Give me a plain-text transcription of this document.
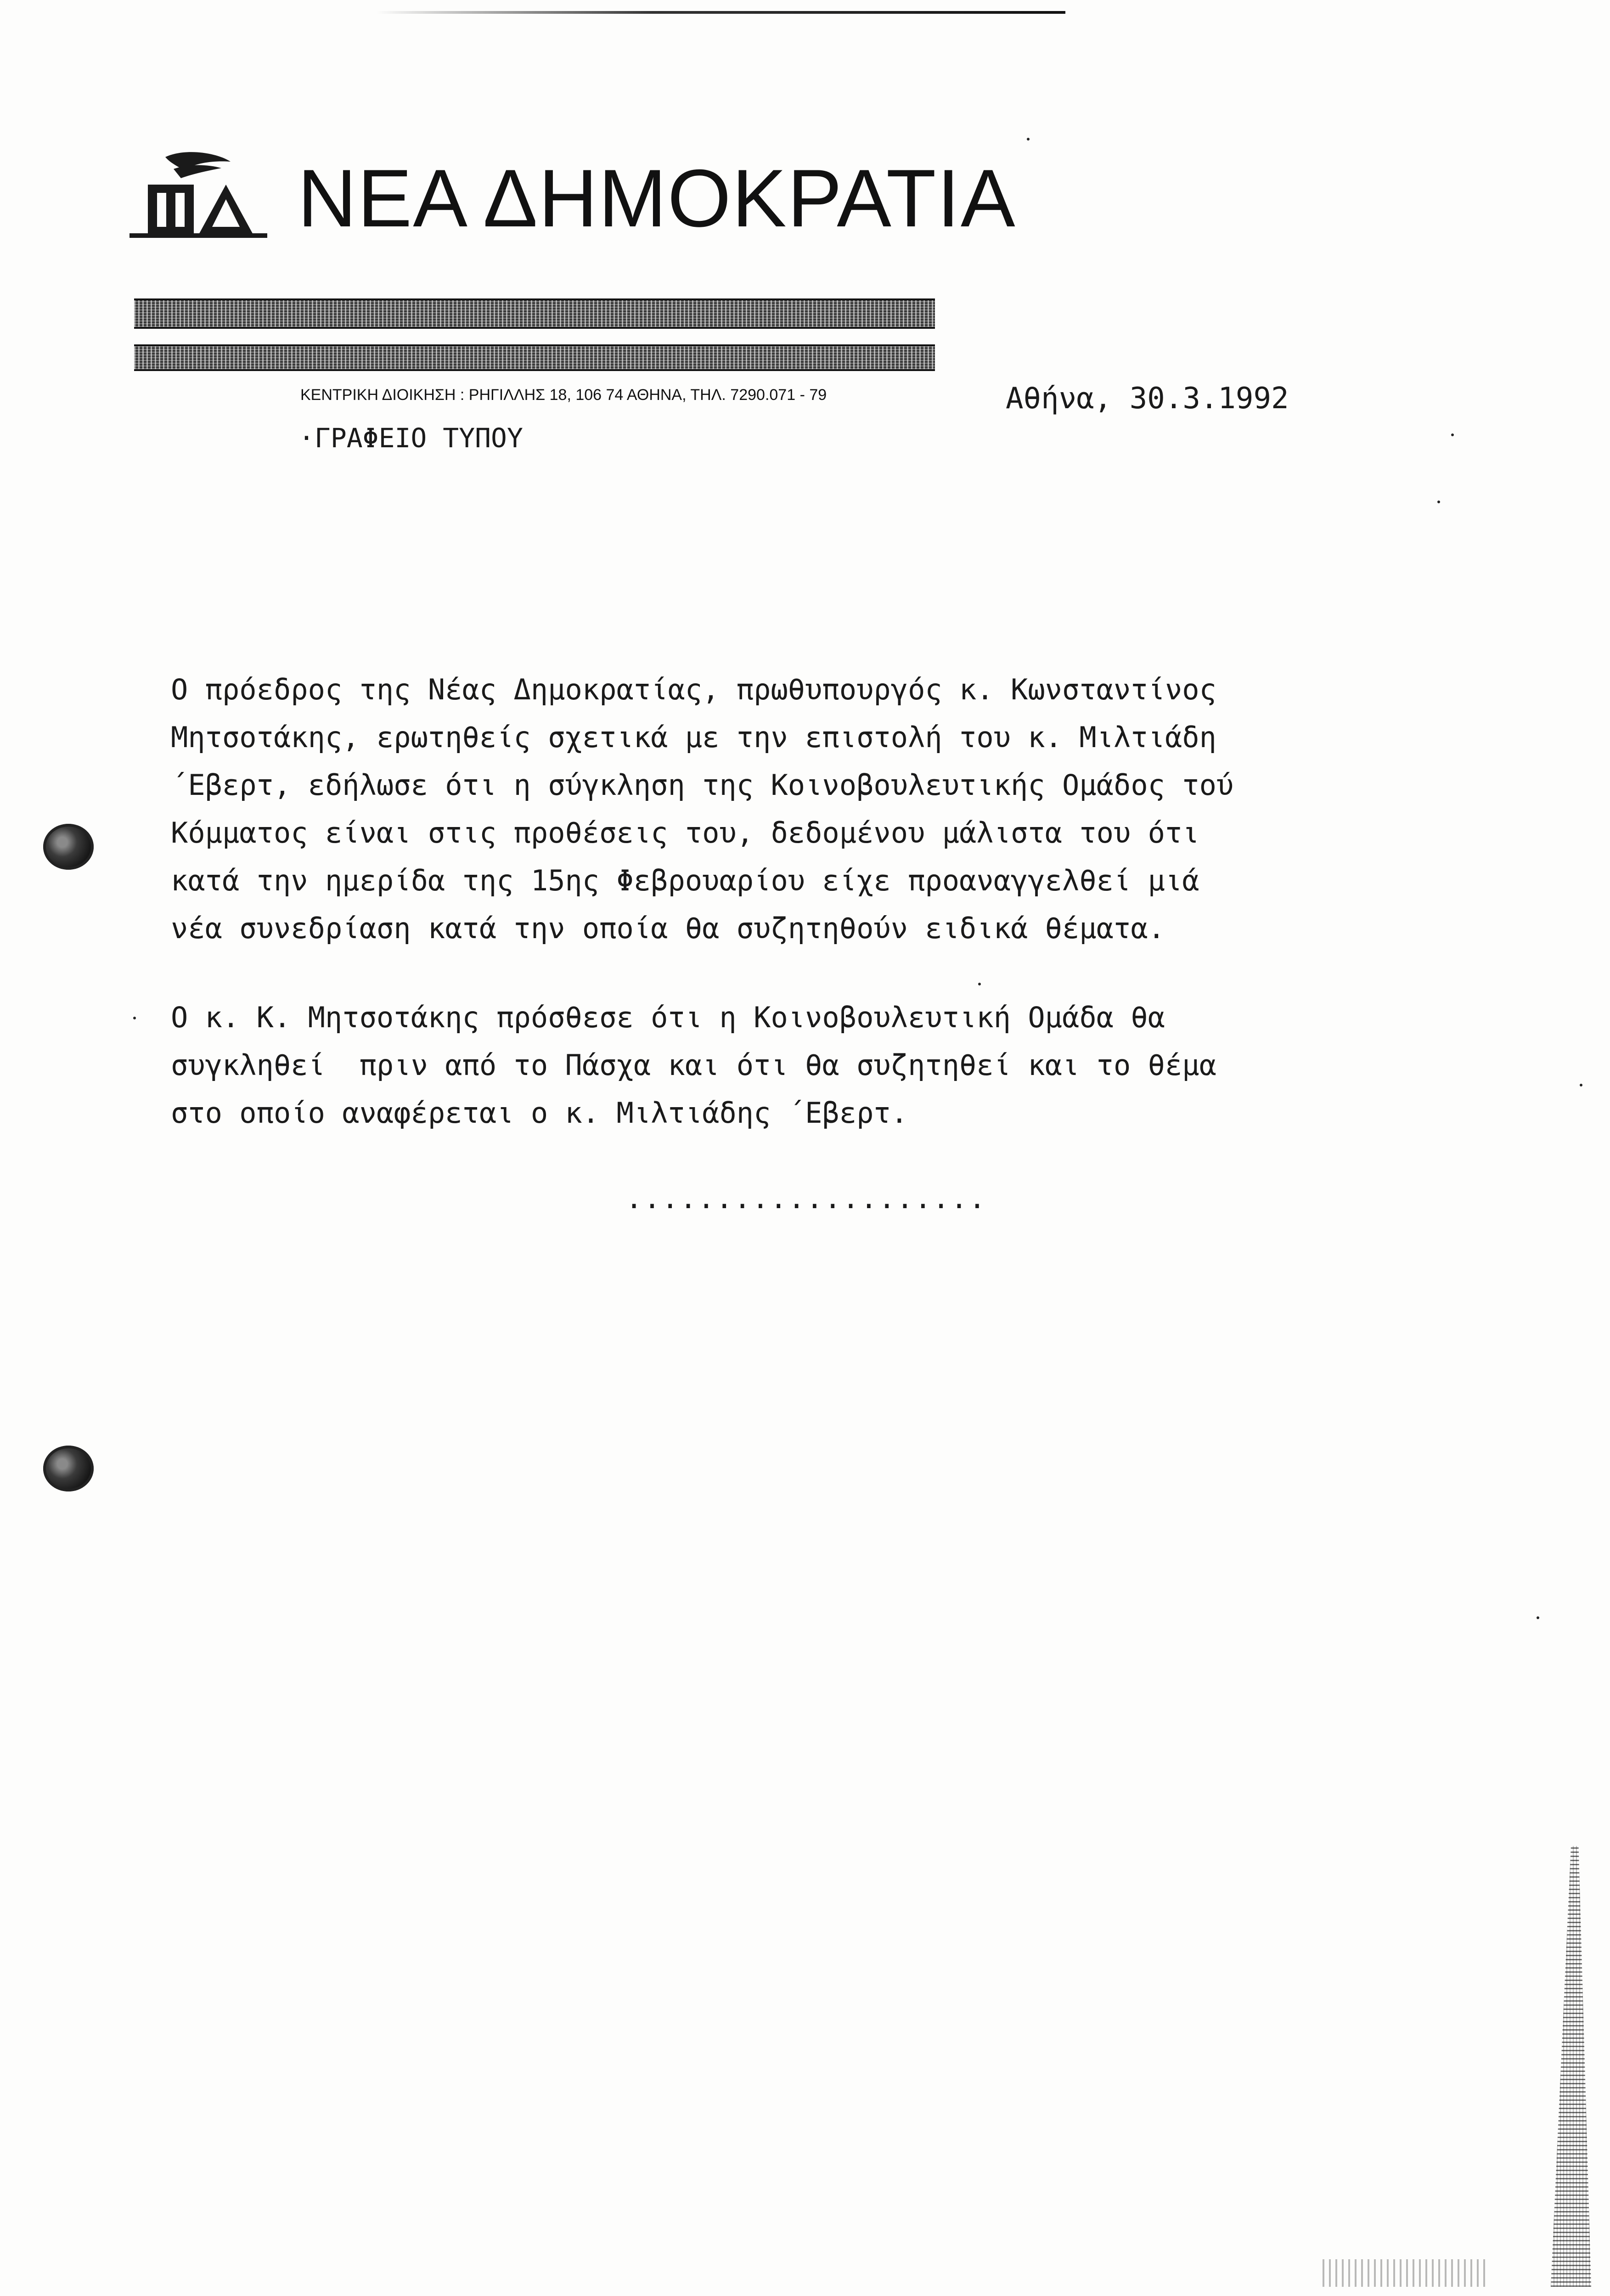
ΝΕΑ ΔΗΜΟΚΡΑΤΙΑ
ΚΕΝΤΡΙΚΗ ΔΙΟΙΚΗΣΗ : ΡΗΓΙΛΛΗΣ 18, 106 74 ΑΘΗΝΑ, ΤΗΛ. 7290.071 - 79
·ΓΡΑΦΕΙΟ ΤΥΠΟΥ
Αθήνα, 30.3.1992
Ο πρόεδρος της Νέας Δημοκρατίας, πρωθυπουργός κ. Κωνσταντίνος
Μητσοτάκης, ερωτηθείς σχετικά με την επιστολή του κ. Μιλτιάδη
΄Εβερτ, εδήλωσε ότι η σύγκληση της Κοινοβουλευτικής Ομάδος τού
Κόμματος είναι στις προθέσεις του, δεδομένου μάλιστα του ότι
κατά την ημερίδα της 15ης Φεβρουαρίου είχε προαναγγελθεί μιά
νέα συνεδρίαση κατά την οποία θα συζητηθούν ειδικά θέματα.
Ο κ. Κ. Μητσοτάκης πρόσθεσε ότι η Κοινοβουλευτική Ομάδα θα
συγκληθεί  πριν από το Πάσχα και ότι θα συζητηθεί και το θέμα
στο οποίο αναφέρεται ο κ. Μιλτιάδης ΄Εβερτ.
....................
